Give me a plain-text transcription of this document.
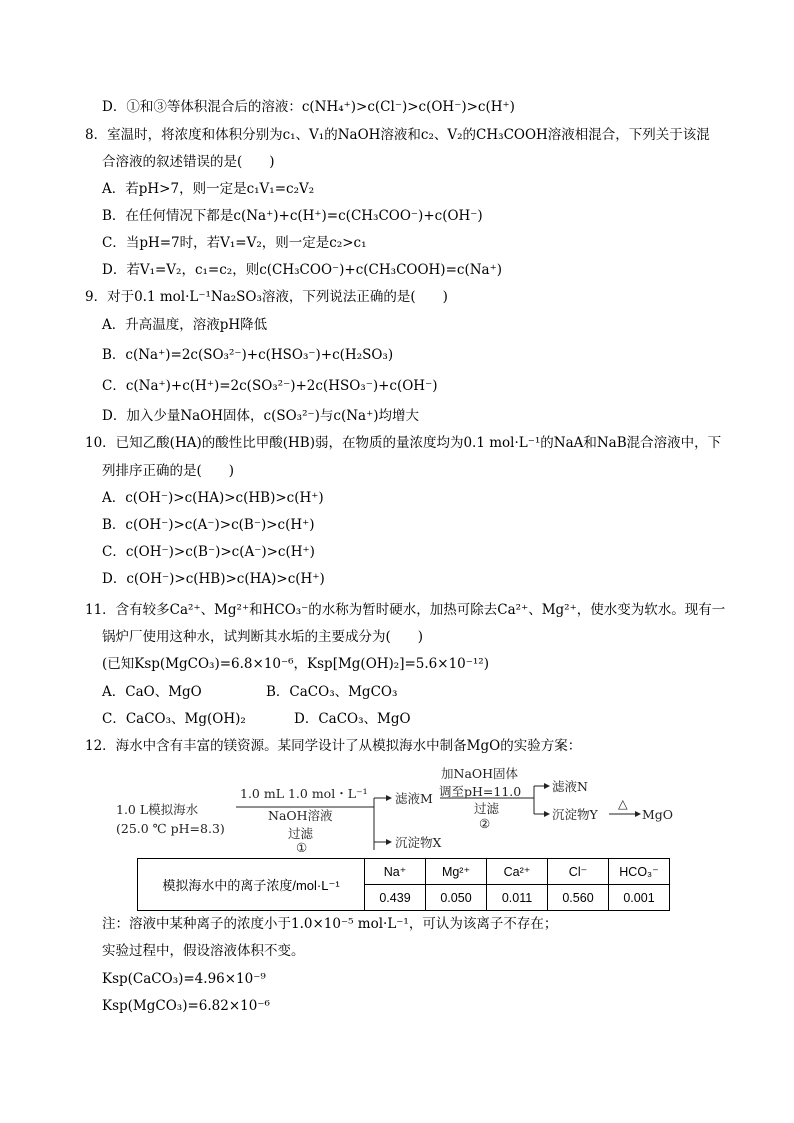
D．①和③等体积混合后的溶液：c(NH₄⁺)>c(Cl⁻)>c(OH⁻)>c(H⁺)
8．室温时，将浓度和体积分别为c₁、V₁的NaOH溶液和c₂、V₂的CH₃COOH溶液相混合，下列关于该混
合溶液的叙述错误的是(　　)
A．若pH>7，则一定是c₁V₁=c₂V₂
B．在任何情况下都是c(Na⁺)+c(H⁺)=c(CH₃COO⁻)+c(OH⁻)
C．当pH=7时，若V₁=V₂，则一定是c₂>c₁
D．若V₁=V₂，c₁=c₂，则c(CH₃COO⁻)+c(CH₃COOH)=c(Na⁺)
9．对于0.1 mol·L⁻¹Na₂SO₃溶液，下列说法正确的是(　　)
A．升高温度，溶液pH降低
B．c(Na⁺)=2c(SO₃²⁻)+c(HSO₃⁻)+c(H₂SO₃)
C．c(Na⁺)+c(H⁺)=2c(SO₃²⁻)+2c(HSO₃⁻)+c(OH⁻)
D．加入少量NaOH固体，c(SO₃²⁻)与c(Na⁺)均增大
10．已知乙酸(HA)的酸性比甲酸(HB)弱，在物质的量浓度均为0.1 mol·L⁻¹的NaA和NaB混合溶液中，下
列排序正确的是(　　)
A．c(OH⁻)>c(HA)>c(HB)>c(H⁺)
B．c(OH⁻)>c(A⁻)>c(B⁻)>c(H⁺)
C．c(OH⁻)>c(B⁻)>c(A⁻)>c(H⁺)
D．c(OH⁻)>c(HB)>c(HA)>c(H⁺)
11．含有较多Ca²⁺、Mg²⁺和HCO₃⁻的水称为暂时硬水，加热可除去Ca²⁺、Mg²⁺，使水变为软水。现有一
锅炉厂使用这种水，试判断其水垢的主要成分为(　　)
(已知Ksp(MgCO₃)=6.8×10⁻⁶，Ksp[Mg(OH)₂]=5.6×10⁻¹²)
A．CaO、MgO	B．CaCO₃、MgCO₃
C．CaCO₃、Mg(OH)₂	D．CaCO₃、MgO
12．海水中含有丰富的镁资源。某同学设计了从模拟海水中制备MgO的实验方案：
1.0 L模拟海水
(25.0 ℃ pH=8.3)
1.0 mL 1.0 mol・L⁻¹
NaOH溶液
过滤
①
滤液M
沉淀物X
加NaOH固体
调至pH=11.0
过滤
②
滤液N
沉淀物Y
△
MgO
模拟海水中的离子浓度/mol·L⁻¹	Na⁺	Mg²⁺	Ca²⁺	Cl⁻	HCO₃⁻
	0.439	0.050	0.011	0.560	0.001
注：溶液中某种离子的浓度小于1.0×10⁻⁵ mol·L⁻¹，可认为该离子不存在；
实验过程中，假设溶液体积不变。
Ksp(CaCO₃)=4.96×10⁻⁹
Ksp(MgCO₃)=6.82×10⁻⁶
